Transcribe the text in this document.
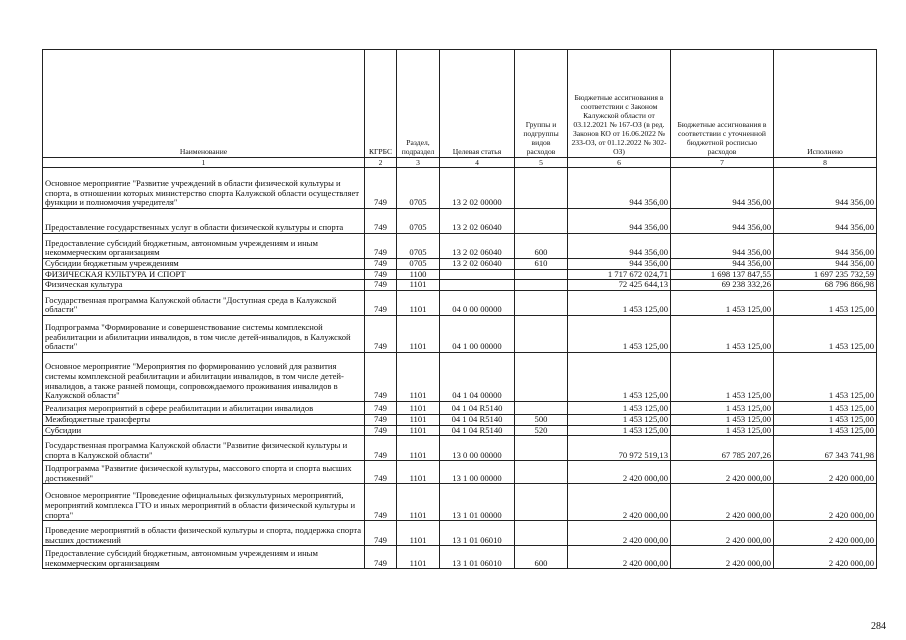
Наименование	КГРБС	Раздел, подраздел	Целевая статья	Группы и подгруппы видов расходов	Бюджетные ассигнования в соответствии с Законом Калужской области от 03.12.2021 № 167-ОЗ (в ред. Законов КО от 16.06.2022 № 233-ОЗ, от 01.12.2022 № 302-ОЗ)	Бюджетные ассигнования в соответствии с уточненной бюджетной росписью расходов	Исполнено
1	2	3	4	5	6	7	8
Основное мероприятие "Развитие учреждений в области физической культуры и спорта, в отношении которых министерство спорта Калужской области осуществляет функции и полномочия учредителя"	749	0705	13 2 02 00000		944 356,00	944 356,00	944 356,00
Предоставление государственных услуг в области физической культуры и спорта	749	0705	13 2 02 06040		944 356,00	944 356,00	944 356,00
Предоставление субсидий бюджетным, автономным учреждениям и иным некоммерческим организациям	749	0705	13 2 02 06040	600	944 356,00	944 356,00	944 356,00
Субсидии бюджетным учреждениям	749	0705	13 2 02 06040	610	944 356,00	944 356,00	944 356,00
ФИЗИЧЕСКАЯ КУЛЬТУРА И СПОРТ	749	1100			1 717 672 024,71	1 698 137 847,55	1 697 235 732,59
Физическая культура	749	1101			72 425 644,13	69 238 332,26	68 796 866,98
Государственная программа Калужской области "Доступная среда в Калужской области"	749	1101	04 0 00 00000		1 453 125,00	1 453 125,00	1 453 125,00
Подпрограмма "Формирование и совершенствование системы комплексной реабилитации и абилитации инвалидов, в том числе детей-инвалидов, в Калужской области"	749	1101	04 1 00 00000		1 453 125,00	1 453 125,00	1 453 125,00
Основное мероприятие "Мероприятия по формированию условий для развития системы комплексной реабилитации и абилитации инвалидов, в том числе детей-инвалидов, а также ранней помощи, сопровождаемого проживания инвалидов в Калужской области"	749	1101	04 1 04 00000		1 453 125,00	1 453 125,00	1 453 125,00
Реализация мероприятий в сфере реабилитации и абилитации инвалидов	749	1101	04 1 04 R5140		1 453 125,00	1 453 125,00	1 453 125,00
Межбюджетные трансферты	749	1101	04 1 04 R5140	500	1 453 125,00	1 453 125,00	1 453 125,00
Субсидии	749	1101	04 1 04 R5140	520	1 453 125,00	1 453 125,00	1 453 125,00
Государственная программа Калужской области "Развитие физической культуры и спорта в Калужской области"	749	1101	13 0 00 00000		70 972 519,13	67 785 207,26	67 343 741,98
Подпрограмма "Развитие физической культуры, массового спорта и спорта высших достижений"	749	1101	13 1 00 00000		2 420 000,00	2 420 000,00	2 420 000,00
Основное мероприятие "Проведение официальных физкультурных мероприятий, мероприятий комплекса ГТО и иных мероприятий в области физической культуры и спорта"	749	1101	13 1 01 00000		2 420 000,00	2 420 000,00	2 420 000,00
Проведение мероприятий в области физической культуры и спорта, поддержка спорта высших достижений	749	1101	13 1 01 06010		2 420 000,00	2 420 000,00	2 420 000,00
Предоставление субсидий бюджетным, автономным учреждениям и иным некоммерческим организациям	749	1101	13 1 01 06010	600	2 420 000,00	2 420 000,00	2 420 000,00
284
